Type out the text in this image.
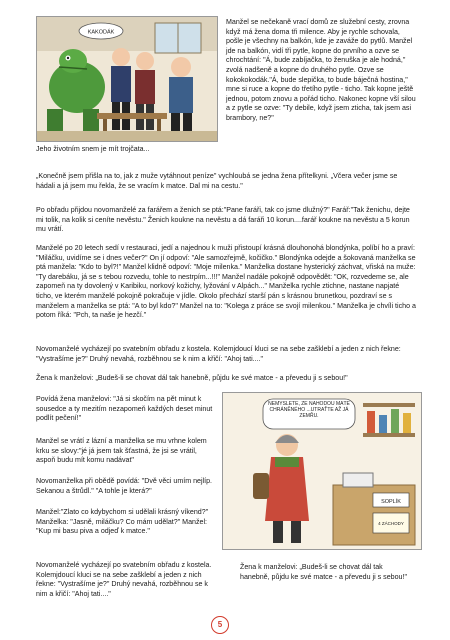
KAKODÁK

Jeho životním snem je mít trojčata...

Manžel se nečekaně vrací domů ze služební cesty, zrovna když má žena doma tři milence. Aby je rychle schovala, pošle je všechny na balkón, kde je zaváže do pytlů. Manžel jde na balkón, vidí tři pytle, kopne do prvního a ozve se chrochtání: "Á, bude zabíjačka, to ženuška je ale hodná," zvolá nadšeně a kopne do druhého pytle. Ozve se kokokokodák."Á, bude slepička, to bude báječná hostina," mne si ruce a kopne do třetího pytle - ticho. Tak kopne ještě jednou, potom znovu a pořád ticho. Nakonec kopne vší silou a z pytle se ozve: "Ty debile, když jsem zticha, tak jsem asi brambory, ne?"

„Konečně jsem přišla na to, jak z muže vytáhnout peníze" vychloubá se jedna žena přítelkyni. „Včera večer jsme se hádali a já jsem mu řekla, že se vracím k matce. Dal mi na cestu."

Po obřadu přijdou novomanželé za farářem a ženich se ptá:"Pane faráři, tak co jsme dlužný?" Farář:"Tak ženichu, dejte mi tolik, na kolik si ceníte nevěstu." Ženich koukne na nevěstu a dá faráři 10 korun....farář koukne na nevěstu a 5 korun mu vrátí.

Manželé po 20 letech sedí v restauraci, jedí a najednou k muži přistoupí krásná dlouhonohá blondýnka, políbí ho a praví: "Miláčku, uvidíme se i dnes večer?" On jí odpoví: "Ale samozřejmě, kočičko." Blondýnka odejde a šokovaná manželka se ptá manžela: "Kdo to byl?!" Manžel klidně odpoví: "Moje milenka." Manželka dostane hysterický záchvat, vřiská na muže: "Ty darebáku, já se s tebou rozvedu, tohle to nestrpím...!!!" Manžel nadále pokojně odpovědět: "OK, rozvedeme se, ale zapomeň na ty dovolený v Karibiku, norkový kožichy, lyžování v Alpách..." Manželka rychle ztichne, nastane napjaté ticho, ve kterém manželé pokojně pokračuje v jídle. Okolo přechází starší pán s krásnou brunetkou, pozdraví se s manželem a manželka se ptá: "A to byl kdo?" Manžel na to: "Kolega z práce se svojí milenkou." Manželka je chvíli ticho a potom říká: "Pch, ta naše je hezčí."

Novomanželé vycházejí po svatebním obřadu z kostela. Kolemjdoucí kluci se na sebe zašklebí a jeden z nich řekne: "Vystrašíme je?" Druhý nevahá, rozběhnou se k nim a křičí: "Ahoj tati...."

Žena k manželovi: „Budeš-li se chovat dál tak hanebně, půjdu ke své matce - a převedu ji s sebou!"

Povídá žena manželovi: "Já si skočím na pět minut k sousedce a ty mezitím nezapomeň každých deset minut podlít pečení!"

Manžel se vrátí z lázní a manželka se mu vrhne kolem krku se slovy:"jé já jsem tak šťastná, že jsi se vrátil, aspoň budu mít komu nadávat"

Novomanželka při obědě povídá: "Dvě věci umím nejlíp. Sekanou a štrůdl." "A tohle je která?"

Manžel:"Zlato co kdybychom si udělali krásný víkend?" Manželka: "Jasně, miláčku? Co mám udělat?" Manžel: "Kup mi basu piva a odjeď k matce."

Novomanželé vycházejí po svatebním obřadu z kostela. Kolemjdoucí kluci se na sebe zašklebí a jeden z nich řekne: "Vystrašíme je?" Druhý nevahá, rozběhnou se k nim a křičí: "Ahoj tati...."

NEMYSLETE, ŽE NÁHODOU MÁTE CHRÁNĚNÉHO ...UTRAŤTE AŽ JÁ ZEMŘU.
SOPLÍK
4 ZÁCHODY

Žena k manželovi: „Budeš-li se chovat dál tak hanebně, půjdu ke své matce - a převedu ji s sebou!"

5
